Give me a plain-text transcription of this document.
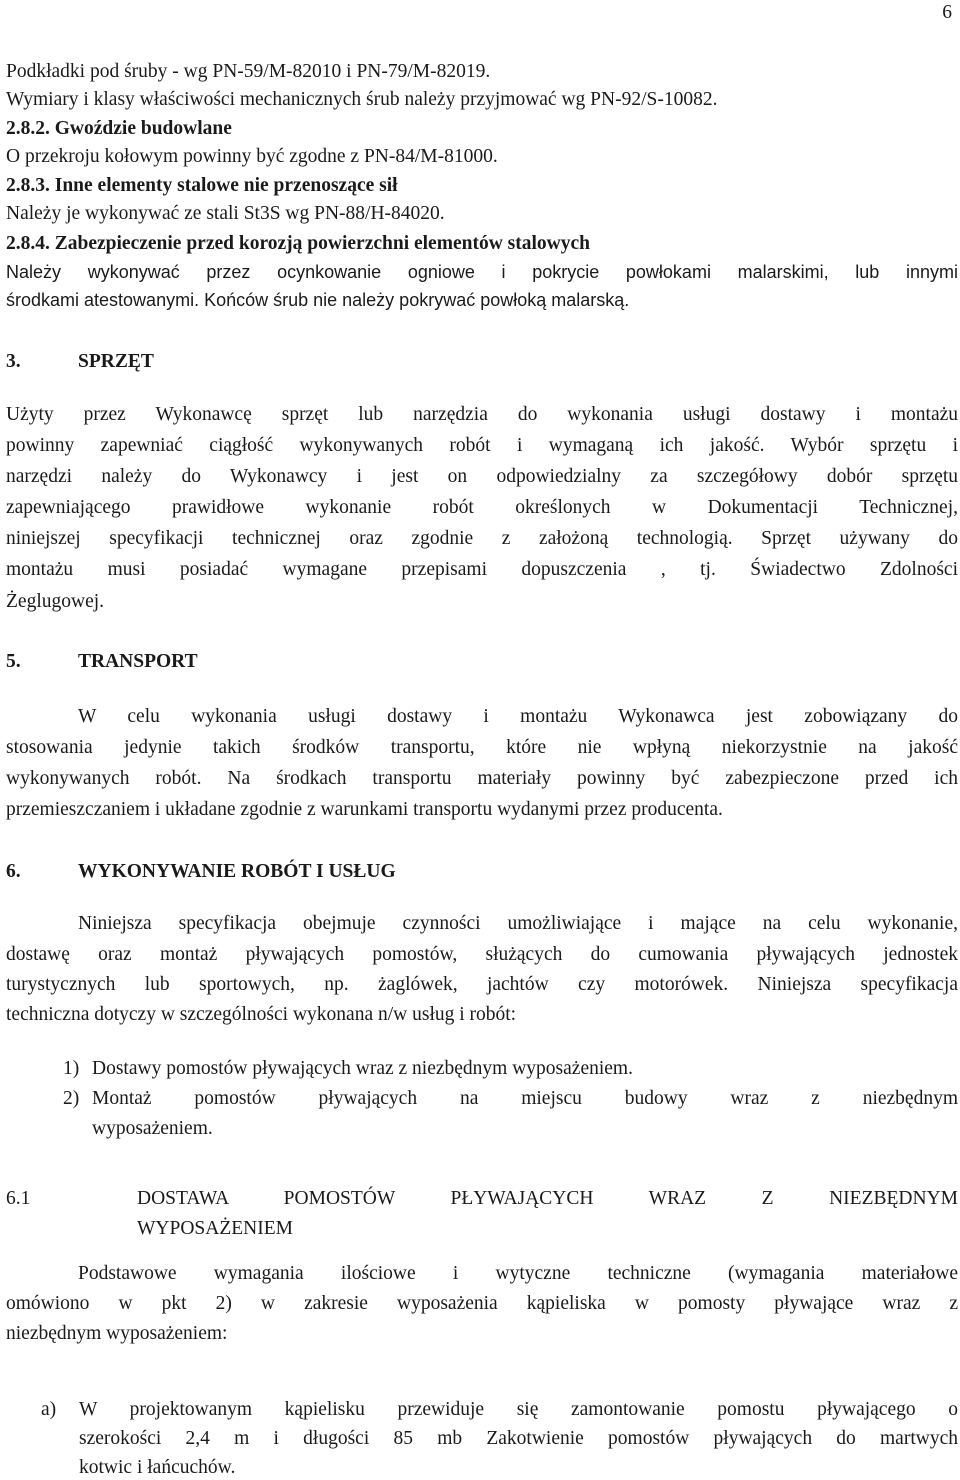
6
Podkładki pod śruby - wg PN-59/M-82010 i PN-79/M-82019.
Wymiary i klasy właściwości mechanicznych śrub należy przyjmować wg PN-92/S-10082.
2.8.2. Gwoździe budowlane
O przekroju kołowym powinny być zgodne z PN-84/M-81000.
2.8.3. Inne elementy stalowe nie przenoszące sił
Należy je wykonywać ze stali St3S wg PN-88/H-84020.
2.8.4. Zabezpieczenie przed korozją powierzchni elementów stalowych
Należy wykonywać przez ocynkowanie ogniowe i pokrycie powłokami malarskimi, lub innymi
środkami atestowanymi. Końców śrub nie należy pokrywać powłoką malarską.
3.	SPRZĘT
Użyty przez Wykonawcę sprzęt lub narzędzia do wykonania usługi dostawy i montażu
powinny zapewniać ciągłość wykonywanych robót i wymaganą ich jakość. Wybór sprzętu i
narzędzi należy do Wykonawcy i jest on odpowiedzialny za szczegółowy dobór sprzętu
zapewniającego prawidłowe wykonanie robót określonych w Dokumentacji Technicznej,
niniejszej specyfikacji technicznej oraz zgodnie z założoną technologią. Sprzęt używany do
montażu musi posiadać wymagane przepisami dopuszczenia , tj. Świadectwo Zdolności
Żeglugowej.
5.	TRANSPORT
W celu wykonania usługi dostawy i montażu Wykonawca jest zobowiązany do
stosowania jedynie takich środków transportu, które nie wpłyną niekorzystnie na jakość
wykonywanych robót. Na środkach transportu materiały powinny być zabezpieczone przed ich
przemieszczaniem i układane zgodnie z warunkami transportu wydanymi przez producenta.
6.	WYKONYWANIE ROBÓT I USŁUG
Niniejsza specyfikacja obejmuje czynności umożliwiające i mające na celu wykonanie,
dostawę oraz montaż pływających pomostów, służących do cumowania pływających jednostek
turystycznych lub sportowych, np. żaglówek, jachtów czy motorówek. Niniejsza specyfikacja
techniczna dotyczy w szczególności wykonana n/w usług i robót:
1) Dostawy pomostów pływających wraz z niezbędnym wyposażeniem.
2) Montaż pomostów pływających na miejscu budowy wraz z niezbędnym
wyposażeniem.
6.1	DOSTAWA POMOSTÓW PŁYWAJĄCYCH WRAZ Z NIEZBĘDNYM
WYPOSAŻENIEM
Podstawowe wymagania ilościowe i wytyczne techniczne (wymagania materiałowe
omówiono w pkt 2) w zakresie wyposażenia kąpieliska w pomosty pływające wraz z
niezbędnym wyposażeniem:
a) W projektowanym kąpielisku przewiduje się zamontowanie pomostu pływającego o
szerokości 2,4 m i długości 85 mb Zakotwienie pomostów pływających do martwych
kotwic i łańcuchów.
